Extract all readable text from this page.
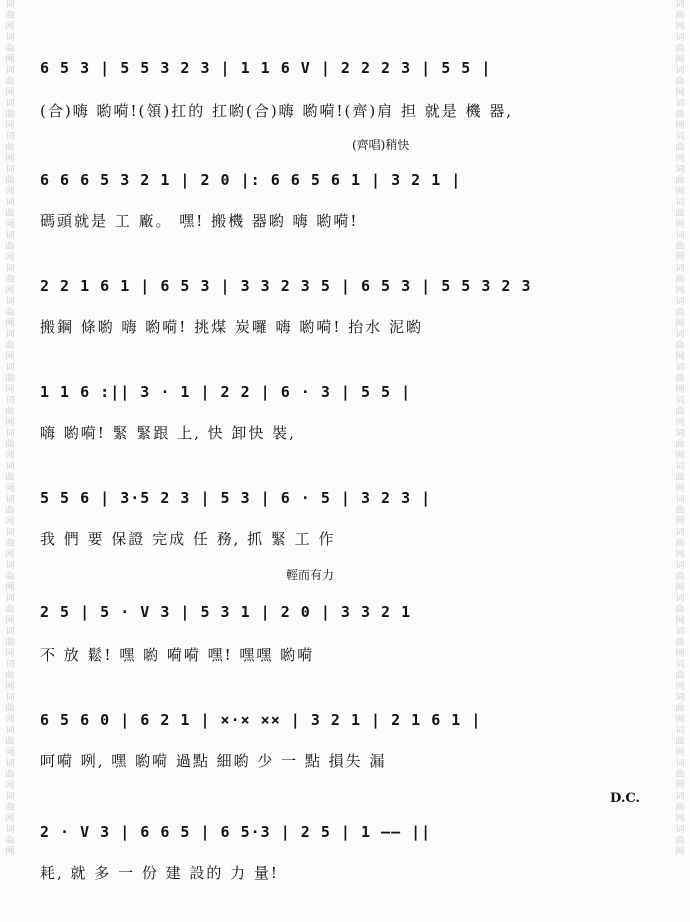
词曲网 词曲网 词曲网 词曲网 词曲网 词曲网 词曲网 词曲网 词曲网 词曲网 词曲网 词曲网 词曲网 词曲网 词曲网 词曲网 词曲网 词曲网 词曲网 词曲网 词曲网 词曲网 词曲网 词曲网 词曲网 词曲网
词曲网 词曲网 词曲网 词曲网 词曲网 词曲网 词曲网 词曲网 词曲网 词曲网 词曲网 词曲网 词曲网 词曲网 词曲网 词曲网 词曲网 词曲网 词曲网 词曲网 词曲网 词曲网 词曲网 词曲网 词曲网 词曲网
6 5 3 | 5 5 3 2 3 | 1 1 6 V | 2 2 2 3 | 5 5 |
(合)嗨 喲嗬!(領)扛的 扛喲(合)嗨 喲嗬!(齊)肩 担 就是 機 器,
(齊唱)稍快
6 6 6 5 3 2 1 | 2 0 |: 6 6 5 6 1 | 3 2 1 |
碼頭就是 工 廠。 嘿! 搬機 器喲 嗨 喲嗬!
2 2 1 6 1 | 6 5 3 | 3 3 2 3 5 | 6 5 3 | 5 5 3 2 3
搬鋼 條喲 嗨 喲嗬! 挑煤 炭囉 嗨 喲嗬! 抬水 泥喲
1 1 6 :|| 3 · 1 | 2 2 | 6 · 3 | 5 5 |
嗨 喲嗬! 緊 緊跟 上, 快 卸快 裝,
5 5 6 | 3·5 2 3 | 5 3 | 6 · 5 | 3 2 3 |
我 們 要 保證 完成 任 務, 抓 緊 工 作
輕而有力
2 5 | 5 · V 3 | 5 3 1 | 2 0 | 3 3 2 1
不 放 鬆! 嘿 喲 嗬嗬 嘿! 嘿嘿 喲嗬
6 5 6 0 | 6 2 1 | ×·× ×× | 3 2 1 | 2 1 6 1 |
呵嗬 咧, 嘿 喲嗬 過點 細喲 少 一 點 損失 漏
D.C.
2 · V 3 | 6 6 5 | 6 5·3 | 2 5 | 1 —— ||
耗, 就 多 一 份 建 設的 力 量!
